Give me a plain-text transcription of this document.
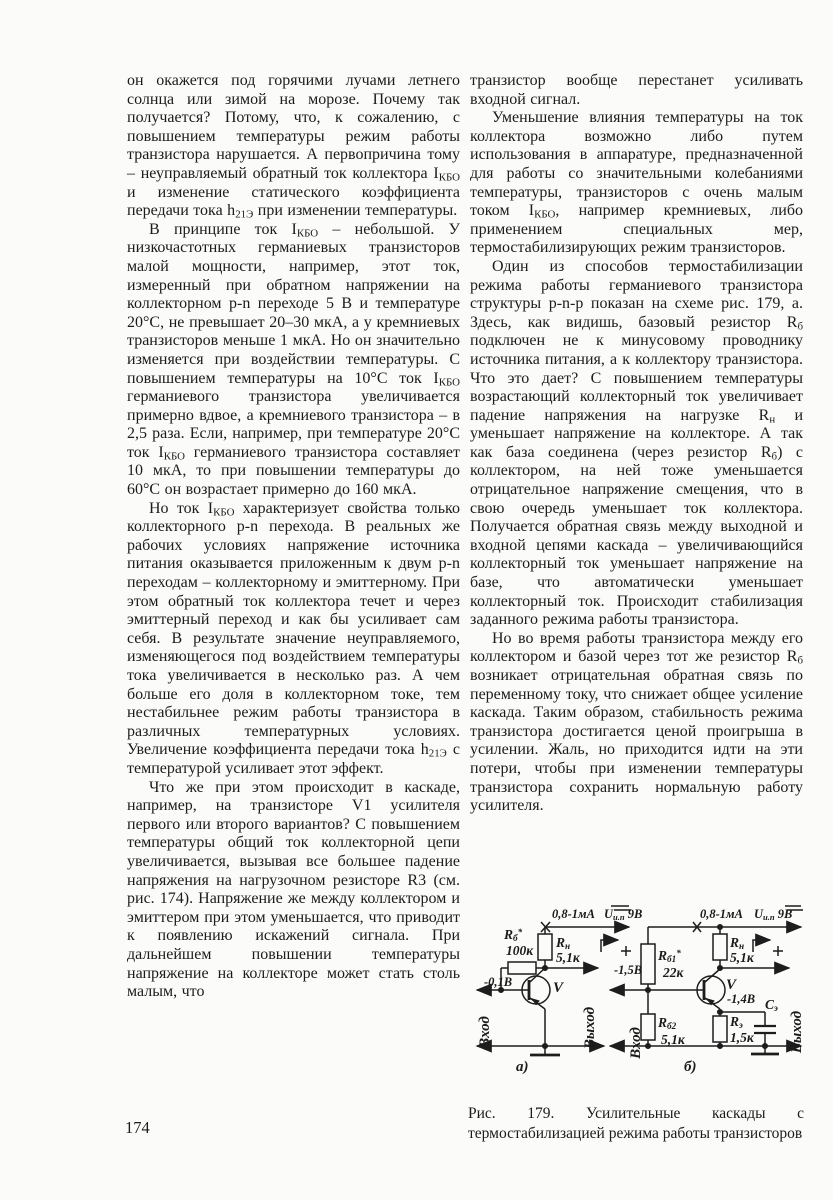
он окажется под горячими лучами летнего солнца или зимой на морозе. Почему так получается? Потому, что, к сожалению, с повышением температуры режим работы транзистора нарушается. А первопричина тому – неуправляемый обратный ток коллектора $I_{КБО}$ и изменение статического коэффициента передачи тока $h_{21Э}$ при изменении температуры.

В принципе ток $I_{КБО}$ – небольшой. У низкочастотных германиевых транзисторов малой мощности, например, этот ток, измеренный при обратном напряжении на коллекторном p-n переходе 5 В и температуре 20°С, не превышает 20–30 мкА, а у кремниевых транзисторов меньше 1 мкА. Но он значительно изменяется при воздействии температуры. С повышением температуры на 10°С ток $I_{КБО}$ германиевого транзистора увеличивается примерно вдвое, а кремниевого транзистора – в 2,5 раза. Если, например, при температуре 20°С ток $I_{КБО}$ германиевого транзистора составляет 10 мкА, то при повышении температуры до 60°С он возрастает примерно до 160 мкА.

Но ток $I_{КБО}$ характеризует свойства только коллекторного p-n перехода. В реальных же рабочих условиях напряжение источника питания оказывается приложенным к двум p-n переходам – коллекторному и эмиттерному. При этом обратный ток коллектора течет и через эмиттерный переход и как бы усиливает сам себя. В результате значение неуправляемого, изменяющегося под воздействием температуры тока увеличивается в несколько раз. А чем больше его доля в коллекторном токе, тем нестабильнее режим работы транзистора в различных температурных условиях. Увеличение коэффициента передачи тока $h_{21Э}$ с температурой усиливает этот эффект.

Что же при этом происходит в каскаде, например, на транзисторе V1 усилителя первого или второго вариантов? С повышением температуры общий ток коллекторной цепи увеличивается, вызывая все большее падение напряжения на нагрузочном резисторе R3 (см. рис. 174). Напряжение же между коллектором и эмиттером при этом уменьшается, что приводит к появлению искажений сигнала. При дальнейшем повышении температуры напряжение на коллекторе может стать столь малым, что

транзистор вообще перестанет усиливать входной сигнал.

Уменьшение влияния температуры на ток коллектора возможно либо путем использования в аппаратуре, предназначенной для работы со значительными колебаниями температуры, транзисторов с очень малым током $I_{КБО}$, например кремниевых, либо применением специальных мер, термостабилизирующих режим транзисторов.

Один из способов термостабилизации режима работы германиевого транзистора структуры p-n-p показан на схеме рис. 179, а. Здесь, как видишь, базовый резистор $R_б$ подключен не к минусовому проводнику источника питания, а к коллектору транзистора. Что это дает? С повышением температуры возрастающий коллекторный ток увеличивает падение напряжения на нагрузке $R_н$ и уменьшает напряжение на коллекторе. А так как база соединена (через резистор $R_б$) с коллектором, на ней тоже уменьшается отрицательное напряжение смещения, что в свою очередь уменьшает ток коллектора. Получается обратная связь между выходной и входной цепями каскада – увеличивающийся коллекторный ток уменьшает напряжение на базе, что автоматически уменьшает коллекторный ток. Происходит стабилизация заданного режима работы транзистора.

Но во время работы транзистора между его коллектором и базой через тот же резистор $R_б$ возникает отрицательная обратная связь по переменному току, что снижает общее усиление каскада. Таким образом, стабильность режима транзистора достигается ценой проигрыша в усилении. Жаль, но приходится идти на эти потери, чтобы при изменении температуры транзистора сохранить нормальную работу усилителя.

0,8-1мА $U_{и.п}$ 9В
$R_б^*$
100к
$R_н$
5,1к
V
-0,1В
Вход	Выход
а)
0,8-1мА $U_{и.п}$ 9В
$R_{б1}^*$
22к
$R_н$
5,1к
V
-1,4В
-1,5В
$R_{б2}$
5,1к
$R_э$
1,5к
$С_э$
Вход	Выход
б)
Рис. 179. Усилительные каскады с термостабилизацией режима работы транзисторов
174
